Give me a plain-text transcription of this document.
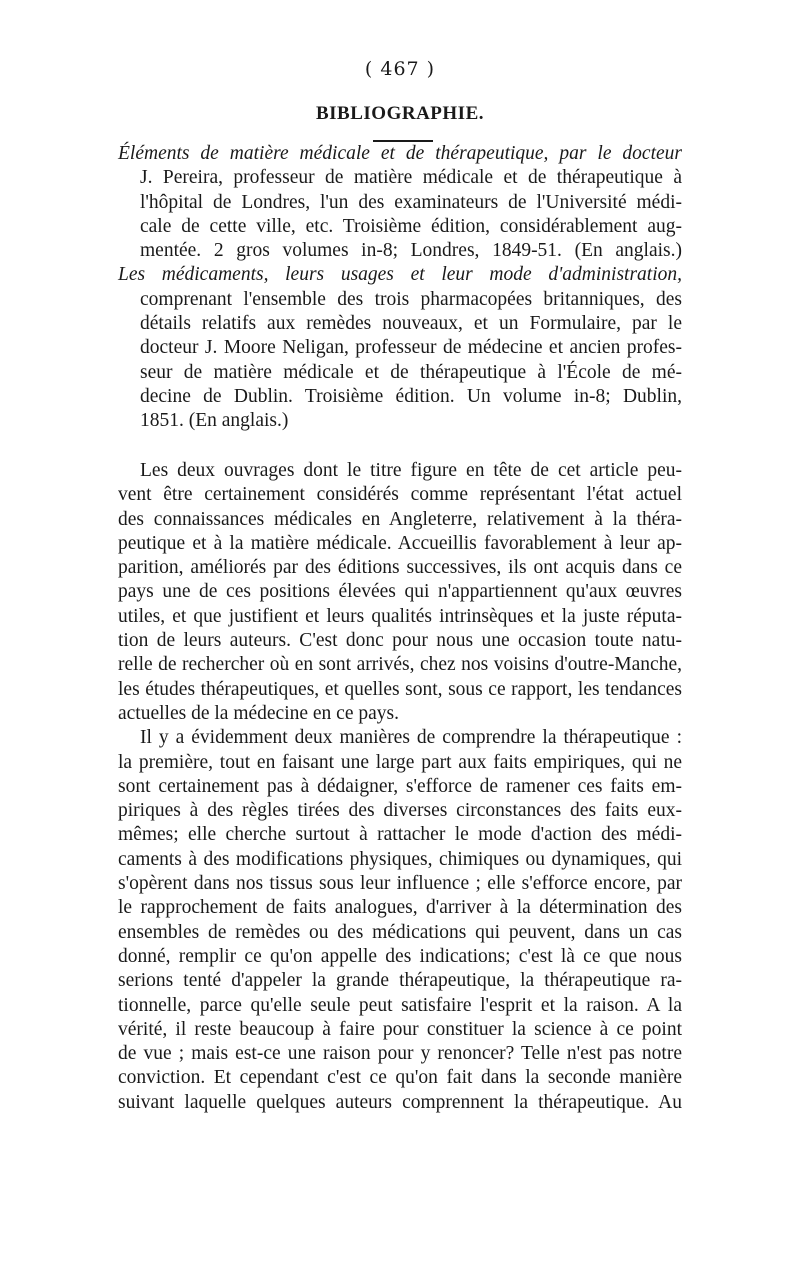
( 467 )
BIBLIOGRAPHIE.
Éléments de matière médicale et de thérapeutique, par le docteur
J. Pereira, professeur de matière médicale et de thérapeutique à
l'hôpital de Londres, l'un des examinateurs de l'Université médi-
cale de cette ville, etc. Troisième édition, considérablement aug-
mentée. 2 gros volumes in-8; Londres, 1849-51. (En anglais.)
Les médicaments, leurs usages et leur mode d'administration,
comprenant l'ensemble des trois pharmacopées britanniques, des
détails relatifs aux remèdes nouveaux, et un Formulaire, par le
docteur J. Moore Neligan, professeur de médecine et ancien profes-
seur de matière médicale et de thérapeutique à l'École de mé-
decine de Dublin. Troisième édition. Un volume in-8; Dublin,
1851. (En anglais.)
Les deux ouvrages dont le titre figure en tête de cet article peu-
vent être certainement considérés comme représentant l'état actuel
des connaissances médicales en Angleterre, relativement à la théra-
peutique et à la matière médicale. Accueillis favorablement à leur ap-
parition, améliorés par des éditions successives, ils ont acquis dans ce
pays une de ces positions élevées qui n'appartiennent qu'aux œuvres
utiles, et que justifient et leurs qualités intrinsèques et la juste réputa-
tion de leurs auteurs. C'est donc pour nous une occasion toute natu-
relle de rechercher où en sont arrivés, chez nos voisins d'outre-Manche,
les études thérapeutiques, et quelles sont, sous ce rapport, les tendances
actuelles de la médecine en ce pays.
Il y a évidemment deux manières de comprendre la thérapeutique :
la première, tout en faisant une large part aux faits empiriques, qui ne
sont certainement pas à dédaigner, s'efforce de ramener ces faits em-
piriques à des règles tirées des diverses circonstances des faits eux-
mêmes; elle cherche surtout à rattacher le mode d'action des médi-
caments à des modifications physiques, chimiques ou dynamiques, qui
s'opèrent dans nos tissus sous leur influence ; elle s'efforce encore, par
le rapprochement de faits analogues, d'arriver à la détermination des
ensembles de remèdes ou des médications qui peuvent, dans un cas
donné, remplir ce qu'on appelle des indications; c'est là ce que nous
serions tenté d'appeler la grande thérapeutique, la thérapeutique ra-
tionnelle, parce qu'elle seule peut satisfaire l'esprit et la raison. A la
vérité, il reste beaucoup à faire pour constituer la science à ce point
de vue ; mais est-ce une raison pour y renoncer? Telle n'est pas notre
conviction. Et cependant c'est ce qu'on fait dans la seconde manière
suivant laquelle quelques auteurs comprennent la thérapeutique. Au
